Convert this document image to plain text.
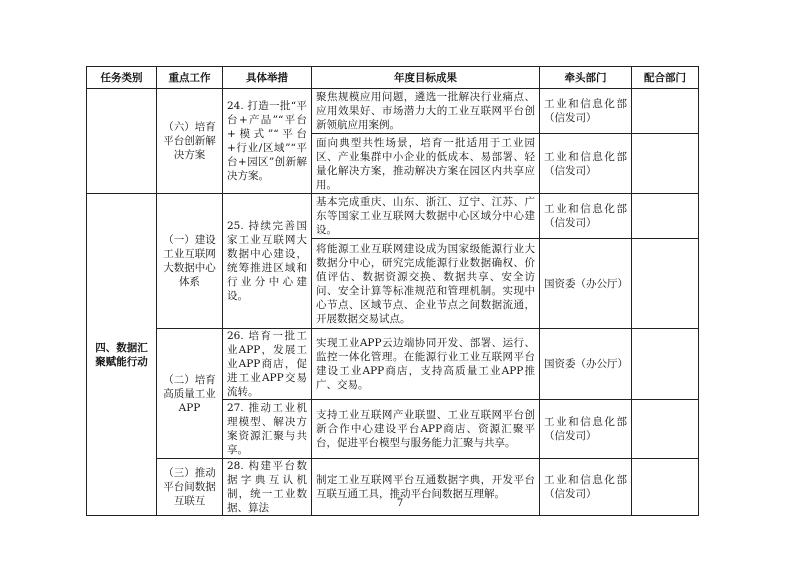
任务类别	重点工作	具体举措	年度目标成果	牵头部门	配合部门
	（六）培育平台创新解决方案	24. 打造一批“平台+产品”“平台+模式”“平台+行业/区域”“平台+园区”创新解决方案。	聚焦规模应用问题，遴选一批解决行业痛点、应用效果好、市场潜力大的工业互联网平台创新领航应用案例。	工业和信息化部（信发司）	
			面向典型共性场景，培育一批适用于工业园区、产业集群中小企业的低成本、易部署、轻量化解决方案，推动解决方案在园区内共享应用。	工业和信息化部（信发司）	
四、数据汇聚赋能行动	（一）建设工业互联网大数据中心体系	25. 持续完善国家工业互联网大数据中心建设，统筹推进区域和行业分中心建设。	基本完成重庆、山东、浙江、辽宁、江苏、广东等国家工业互联网大数据中心区域分中心建设。	工业和信息化部（信发司）	
			将能源工业互联网建设成为国家级能源行业大数据分中心，研究完成能源行业数据确权、价值评估、数据资源交换、数据共享、安全访问、安全计算等标准规范和管理机制。实现中心节点、区域节点、企业节点之间数据流通，开展数据交易试点。	国资委（办公厅）	
	（二）培育高质量工业APP	26. 培育一批工业APP，发展工业APP商店，促进工业APP交易流转。	实现工业APP云边端协同开发、部署、运行、监控一体化管理。在能源行业工业互联网平台建设工业APP商店，支持高质量工业APP推广、交易。	国资委（办公厅）	
		27. 推动工业机理模型、解决方案资源汇聚与共享。	支持工业互联网产业联盟、工业互联网平台创新合作中心建设平台APP商店、资源汇聚平台，促进平台模型与服务能力汇聚与共享。	工业和信息化部（信发司）	
	（三）推动平台间数据互联互	28. 构建平台数据字典互认机制，统一工业数据、算法	制定工业互联网平台互通数据字典，开发平台互联互通工具，推动平台间数据互理解。	工业和信息化部（信发司）	
7
